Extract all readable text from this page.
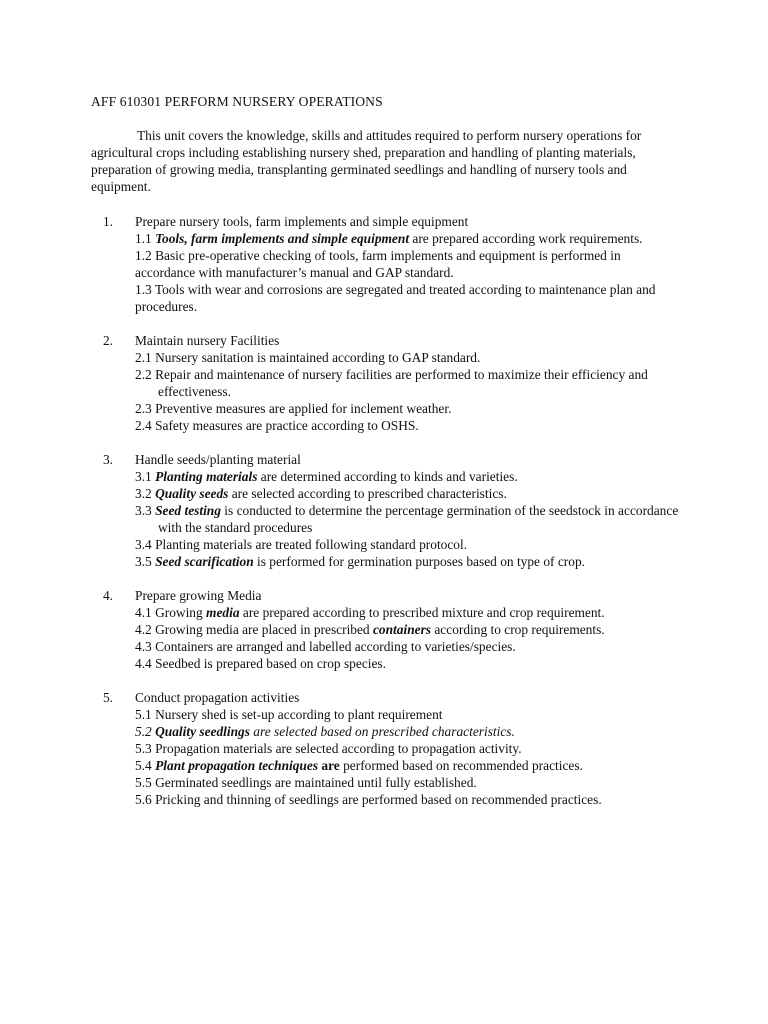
AFF 610301 PERFORM NURSERY OPERATIONS
This unit covers the knowledge, skills and attitudes required to perform nursery operations for agricultural crops including establishing nursery shed, preparation and handling of planting materials, preparation of growing media, transplanting germinated seedlings and handling of nursery tools and equipment.
1. Prepare nursery tools, farm implements and simple equipment
1.1 Tools, farm implements and simple equipment are prepared according work requirements.
1.2 Basic pre-operative checking of tools, farm implements and equipment is performed in accordance with manufacturer’s manual and GAP standard.
1.3 Tools with wear and corrosions are segregated and treated according to maintenance plan and procedures.
2. Maintain nursery Facilities
2.1 Nursery sanitation is maintained according to GAP standard.
2.2 Repair and maintenance of nursery facilities are performed to maximize their efficiency and effectiveness.
2.3 Preventive measures are applied for inclement weather.
2.4 Safety measures are practice according to OSHS.
3. Handle seeds/planting material
3.1 Planting materials are determined according to kinds and varieties.
3.2 Quality seeds are selected according to prescribed characteristics.
3.3 Seed testing is conducted to determine the percentage germination of the seedstock in accordance with the standard procedures
3.4 Planting materials are treated following standard protocol.
3.5 Seed scarification is performed for germination purposes based on type of crop.
4. Prepare growing Media
4.1 Growing media are prepared according to prescribed mixture and crop requirement.
4.2 Growing media are placed in prescribed containers according to crop requirements.
4.3 Containers are arranged and labelled according to varieties/species.
4.4 Seedbed is prepared based on crop species.
5. Conduct propagation activities
5.1 Nursery shed is set-up according to plant requirement
5.2 Quality seedlings are selected based on prescribed characteristics.
5.3 Propagation materials are selected according to propagation activity.
5.4 Plant propagation techniques are performed based on recommended practices.
5.5 Germinated seedlings are maintained until fully established.
5.6 Pricking and thinning of seedlings are performed based on recommended practices.
